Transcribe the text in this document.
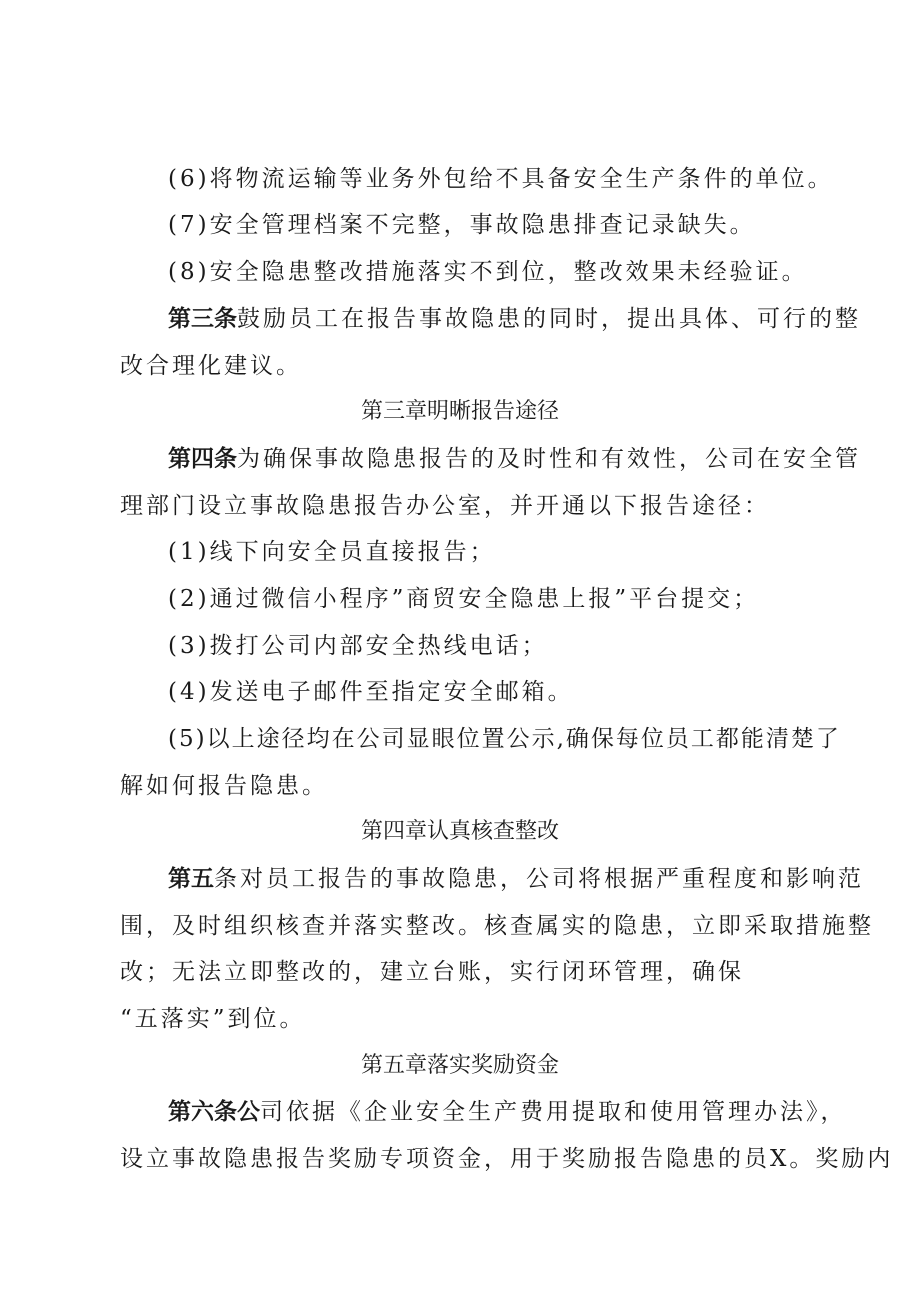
(6)将物流运输等业务外包给不具备安全生产条件的单位。

(7)安全管理档案不完整，事故隐患排查记录缺失。

(8)安全隐患整改措施落实不到位，整改效果未经验证。

第三条鼓励员工在报告事故隐患的同时，提出具体、可行的整

改合理化建议。

第三章明晰报告途径

第四条为确保事故隐患报告的及时性和有效性，公司在安全管

理部门设立事故隐患报告办公室，并开通以下报告途径：

(1)线下向安全员直接报告；

(2)通过微信小程序”商贸安全隐患上报”平台提交；

(3)拨打公司内部安全热线电话；

(4)发送电子邮件至指定安全邮箱。

(5)以上途径均在公司显眼位置公示,确保每位员工都能清楚了

解如何报告隐患。

第四章认真核查整改

第五条对员工报告的事故隐患，公司将根据严重程度和影响范

围，及时组织核查并落实整改。核查属实的隐患，立即采取措施整

改；无法立即整改的，建立台账，实行闭环管理，确保

“五落实”到位。

第五章落实奖励资金

第六条公司依据《企业安全生产费用提取和使用管理办法》，

设立事故隐患报告奖励专项资金，用于奖励报告隐患的员X。奖励内
